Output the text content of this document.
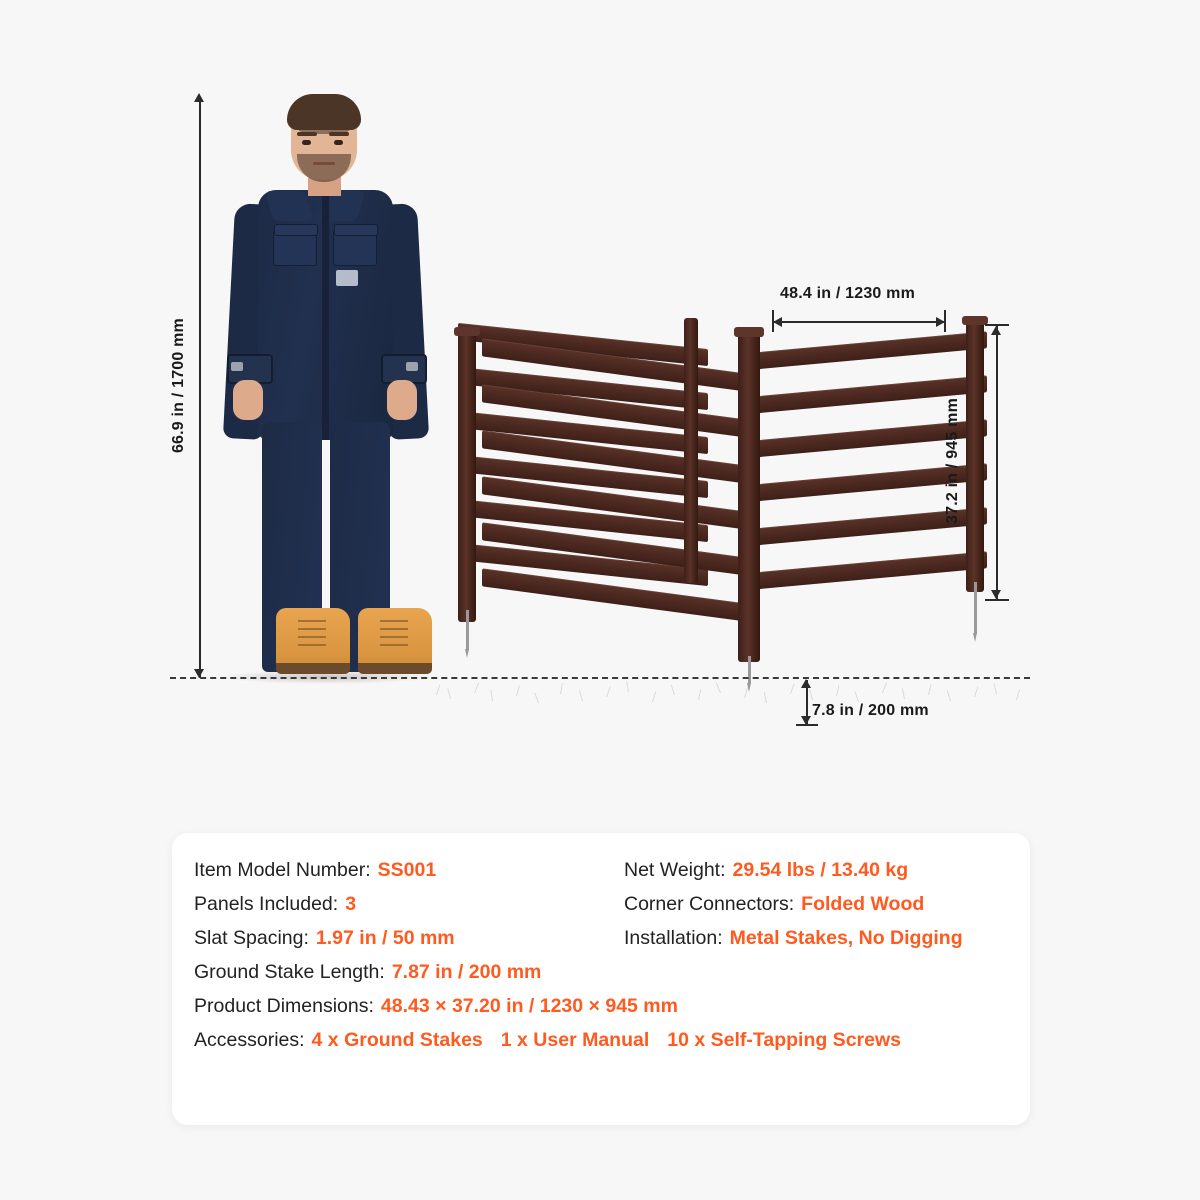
66.9 in / 1700 mm
48.4 in / 1230 mm
37.2 in / 945 mm
7.8 in / 200 mm
Item Model Number: SS001	Net Weight: 29.54 lbs / 13.40 kg
Panels Included: 3	Corner Connectors: Folded Wood
Slat Spacing: 1.97 in / 50 mm	Installation: Metal Stakes, No Digging
Ground Stake Length: 7.87 in / 200 mm
Product Dimensions: 48.43 × 37.20 in / 1230 × 945 mm
Accessories: 4 x Ground Stakes 1 x User Manual 10 x Self-Tapping Screws
